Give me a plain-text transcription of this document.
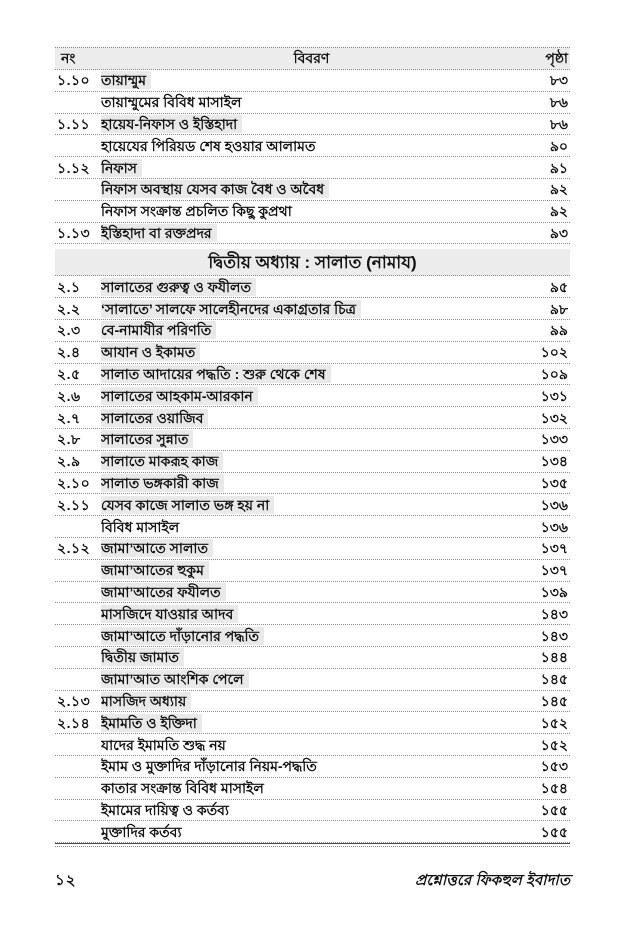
নং	বিবরণ	পৃষ্ঠা
১.১০ তায়াম্মুম	৮৩
তায়াম্মুমের বিবিধ মাসাইল	৮৬
১.১১ হায়েয-নিফাস ও ইস্তিহাদা	৮৬
হায়েযের পিরিয়ড শেষ হওয়ার আলামত	৯০
১.১২ নিফাস	৯১
নিফাস অবস্থায় যেসব কাজ বৈধ ও অবৈধ	৯২
নিফাস সংক্রান্ত প্রচলিত কিছু কুপ্রথা	৯২
১.১৩ ইস্তিহাদা বা রক্তপ্রদর	৯৩
দ্বিতীয় অধ্যায় : সালাত (নামায)
২.১	সালাতের গুরুত্ব ও ফযীলত	৯৫
২.২	‘সালাতে’ সালফে সালেহীনদের একাগ্রতার চিত্র	৯৮
২.৩	বে-নামাযীর পরিণতি	৯৯
২.৪	আযান ও ইকামত	১০২
২.৫	সালাত আদায়ের পদ্ধতি : শুরু থেকে শেষ	১০৯
২.৬	সালাতের আহকাম-আরকান	১৩১
২.৭	সালাতের ওয়াজিব	১৩২
২.৮	সালাতের সুন্নাত	১৩৩
২.৯	সালাতে মাকরূহ কাজ	১৩৪
২.১০ সালাত ভঙ্গকারী কাজ	১৩৫
২.১১ যেসব কাজে সালাত ভঙ্গ হয় না	১৩৬
বিবিধ মাসাইল	১৩৬
২.১২ জামা’আতে সালাত	১৩৭
জামা’আতের হুকুম	১৩৭
জামা’আতের ফযীলত	১৩৯
মাসজিদে যাওয়ার আদব	১৪৩
জামা’আতে দাঁড়ানোর পদ্ধতি	১৪৩
দ্বিতীয় জামাত	১৪৪
জামা’আত আংশিক পেলে	১৪৫
২.১৩ মাসজিদ অধ্যায়	১৪৫
২.১৪ ইমামতি ও ইক্তিদা	১৫২
যাদের ইমামতি শুদ্ধ নয়	১৫২
ইমাম ও মুক্তাদির দাঁড়ানোর নিয়ম-পদ্ধতি	১৫৩
কাতার সংক্রান্ত বিবিধ মাসাইল	১৫৪
ইমামের দায়িত্ব ও কর্তব্য	১৫৫
মুক্তাদির কর্তব্য	১৫৫
১২	প্রশ্নোত্তরে ফিকহুল ইবাদাত
